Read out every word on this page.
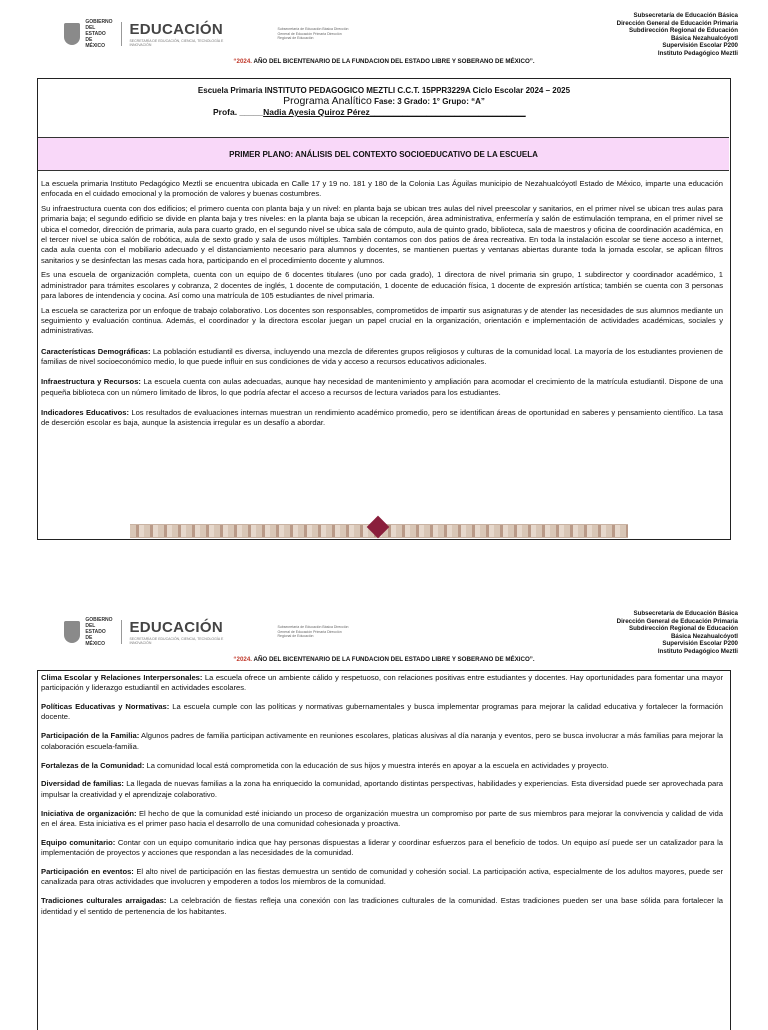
GOBIERNO DEL ESTADO DE MÉXICO
EDUCACIÓN
SECRETARÍA DE EDUCACIÓN, CIENCIA, TECNOLOGÍA E INNOVACIÓN
Subsecretaría de Educación Básica Dirección General de Educación Primaria Dirección Regional de Educación
Subsecretaría de Educación Básica
Dirección General de Educación Primaria
Subdirección Regional de Educación
Básica Nezahualcóyotl
Supervisión Escolar P200
Instituto Pedagógico Meztli
“2024. AÑO DEL BICENTENARIO DE LA FUNDACION DEL ESTADO LIBRE Y SOBERANO DE MÉXICO”.
Escuela Primaria INSTITUTO PEDAGOGICO MEZTLI C.C.T. 15PPR3229A Ciclo Escolar 2024 – 2025
Programa Analítico Fase: 3 Grado: 1° Grupo: “A”
Profa. _____Nadia Ayesia Quiroz Pérez_________________________________
PRIMER PLANO: ANÁLISIS DEL CONTEXTO SOCIOEDUCATIVO DE LA ESCUELA

La escuela primaria Instituto Pedagógico Meztli se encuentra ubicada en Calle 17 y 19 no. 181 y 180 de la Colonia Las Águilas municipio de Nezahualcóyotl Estado de México, imparte una educación enfocada en el cuidado emocional y la promoción de valores y buenas costumbres.

Su infraestructura cuenta con dos edificios; el primero cuenta con planta baja y un nivel: en planta baja se ubican tres aulas del nivel preescolar y sanitarios, en el primer nivel se ubican tres aulas para primaria baja; el segundo edificio se divide en planta baja y tres niveles: en la planta baja se ubican la recepción, área administrativa, enfermería y salón de estimulación temprana, en el primer nivel se ubica el comedor, dirección de primaria, aula para cuarto grado, en el segundo nivel se ubica sala de cómputo, aula de quinto grado, biblioteca, sala de maestros y oficina de coordinación académica, en el tercer nivel se ubica salón de robótica, aula de sexto grado y sala de usos múltiples. También contamos con dos patios de área recreativa. En toda la instalación escolar se tiene acceso a internet, cada aula cuenta con el mobiliario adecuado y el distanciamiento necesario para alumnos y docentes, se mantienen puertas y ventanas abiertas durante toda la jornada escolar, se aplican filtros sanitarios y se desinfectan las mesas cada hora, participando en el procedimiento docente y alumnos.

Es una escuela de organización completa, cuenta con un equipo de 6 docentes titulares (uno por cada grado), 1 directora de nivel primaria sin grupo, 1 subdirector y coordinador académico, 1 administrador para trámites escolares y cobranza, 2 docentes de inglés, 1 docente de computación, 1 docente de educación física, 1 docente de expresión artística; también se cuenta con 3 personas para labores de intendencia y cocina. Así como una matrícula de 105 estudiantes de nivel primaria.

La escuela se caracteriza por un enfoque de trabajo colaborativo. Los docentes son responsables, comprometidos de impartir sus asignaturas y de atender las necesidades de sus alumnos mediante un seguimiento y evaluación continua. Además, el coordinador y la directora escolar juegan un papel crucial en la organización, orientación e implementación de actividades académicas, sociales y administrativas.

Características Demográficas: La población estudiantil es diversa, incluyendo una mezcla de diferentes grupos religiosos y culturas de la comunidad local. La mayoría de los estudiantes provienen de familias de nivel socioeconómico medio, lo que puede influir en sus condiciones de vida y acceso a recursos educativos adicionales.

Infraestructura y Recursos: La escuela cuenta con aulas adecuadas, aunque hay necesidad de mantenimiento y ampliación para acomodar el crecimiento de la matrícula estudiantil. Dispone de una pequeña biblioteca con un número limitado de libros, lo que podría afectar el acceso a recursos de lectura variados para los estudiantes.

Indicadores Educativos: Los resultados de evaluaciones internas muestran un rendimiento académico promedio, pero se identifican áreas de oportunidad en saberes y pensamiento científico. La tasa de deserción escolar es baja, aunque la asistencia irregular es un desafío a abordar.

GOBIERNO DEL ESTADO DE MÉXICO
EDUCACIÓN
SECRETARÍA DE EDUCACIÓN, CIENCIA, TECNOLOGÍA E INNOVACIÓN
Subsecretaría de Educación Básica Dirección General de Educación Primaria Dirección Regional de Educación
Subsecretaría de Educación Básica
Dirección General de Educación Primaria
Subdirección Regional de Educación
Básica Nezahualcóyotl
Supervisión Escolar P200
Instituto Pedagógico Meztli
“2024. AÑO DEL BICENTENARIO DE LA FUNDACION DEL ESTADO LIBRE Y SOBERANO DE MÉXICO”.

Clima Escolar y Relaciones Interpersonales: La escuela ofrece un ambiente cálido y respetuoso, con relaciones positivas entre estudiantes y docentes. Hay oportunidades para fomentar una mayor participación y liderazgo estudiantil en actividades escolares.

Políticas Educativas y Normativas: La escuela cumple con las políticas y normativas gubernamentales y busca implementar programas para mejorar la calidad educativa y fortalecer la formación docente.

Participación de la Familia: Algunos padres de familia participan activamente en reuniones escolares, platicas alusivas al día naranja y eventos, pero se busca involucrar a más familias para mejorar la colaboración escuela-familia.

Fortalezas de la Comunidad: La comunidad local está comprometida con la educación de sus hijos y muestra interés en apoyar a la escuela en actividades y proyecto.

Diversidad de familias: La llegada de nuevas familias a la zona ha enriquecido la comunidad, aportando distintas perspectivas, habilidades y experiencias. Esta diversidad puede ser aprovechada para impulsar la creatividad y el aprendizaje colaborativo.

Iniciativa de organización: El hecho de que la comunidad esté iniciando un proceso de organización muestra un compromiso por parte de sus miembros para mejorar la convivencia y calidad de vida en el área. Esta iniciativa es el primer paso hacia el desarrollo de una comunidad cohesionada y proactiva.

Equipo comunitario: Contar con un equipo comunitario indica que hay personas dispuestas a liderar y coordinar esfuerzos para el beneficio de todos. Un equipo así puede ser un catalizador para la implementación de proyectos y acciones que respondan a las necesidades de la comunidad.

Participación en eventos: El alto nivel de participación en las fiestas demuestra un sentido de comunidad y cohesión social. La participación activa, especialmente de los adultos mayores, puede ser canalizada para otras actividades que involucren y empoderen a todos los miembros de la comunidad.

Tradiciones culturales arraigadas: La celebración de fiestas refleja una conexión con las tradiciones culturales de la comunidad. Estas tradiciones pueden ser una base sólida para fortalecer la identidad y el sentido de pertenencia de los habitantes.
